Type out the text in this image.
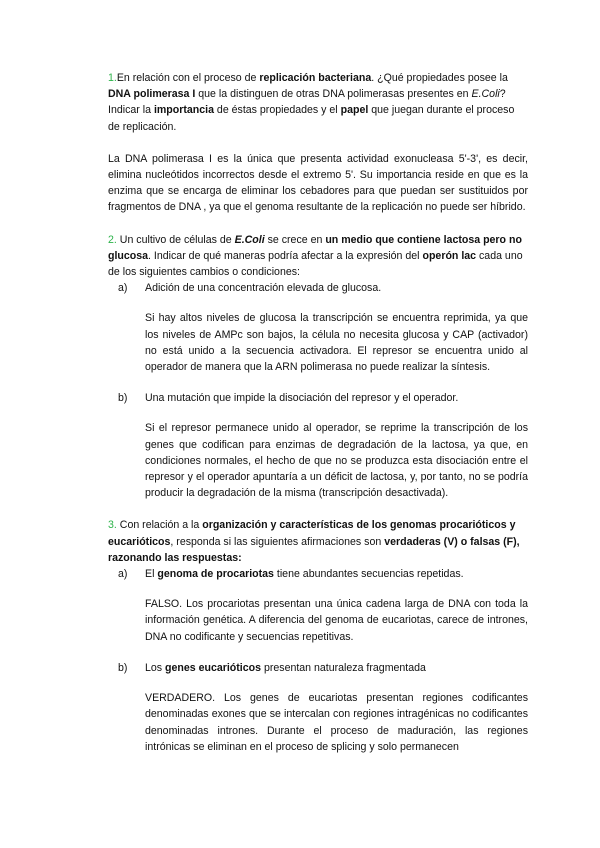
1.En relación con el proceso de replicación bacteriana. ¿Qué propiedades posee la DNA polimerasa I que la distinguen de otras DNA polimerasas presentes en E.Coli? Indicar la importancia de éstas propiedades y el papel que juegan durante el proceso de replicación.

La DNA polimerasa I es la única que presenta actividad exonucleasa 5'-3', es decir, elimina nucleótidos incorrectos desde el extremo 5'. Su importancia reside en que es la enzima que se encarga de eliminar los cebadores para que puedan ser sustituidos por fragmentos de DNA , ya que el genoma resultante de la replicación no puede ser híbrido.

2. Un cultivo de células de E.Coli se crece en un medio que contiene lactosa pero no glucosa. Indicar de qué maneras podría afectar a la expresión del operón lac cada uno de los siguientes cambios o condiciones:

a)	Adición de una concentración elevada de glucosa.

Si hay altos niveles de glucosa la transcripción se encuentra reprimida, ya que los niveles de AMPc son bajos, la célula no necesita glucosa y CAP (activador) no está unido a la secuencia activadora. El represor se encuentra unido al operador de manera que la ARN polimerasa no puede realizar la síntesis.

b)	Una mutación que impide la disociación del represor y el operador.

Si el represor permanece unido al operador, se reprime la transcripción de los genes que codifican para enzimas de degradación de la lactosa, ya que, en condiciones normales, el hecho de que no se produzca esta disociación entre el represor y el operador apuntaría a un déficit de lactosa, y, por tanto, no se podría producir la degradación de la misma (transcripción desactivada).

3. Con relación a la organización y características de los genomas procarióticos y eucarióticos, responda si las siguientes afirmaciones son verdaderas (V) o falsas (F), razonando las respuestas:

a)	El genoma de procariotas tiene abundantes secuencias repetidas.

FALSO. Los procariotas presentan una única cadena larga de DNA con toda la información genética. A diferencia del genoma de eucariotas, carece de intrones, DNA no codificante y secuencias repetitivas.

b)	Los genes eucarióticos presentan naturaleza fragmentada

VERDADERO. Los genes de eucariotas presentan regiones codificantes denominadas exones que se intercalan con regiones intragénicas no codificantes denominadas intrones. Durante el proceso de maduración, las regiones intrónicas se eliminan en el proceso de splicing y solo permanecen
